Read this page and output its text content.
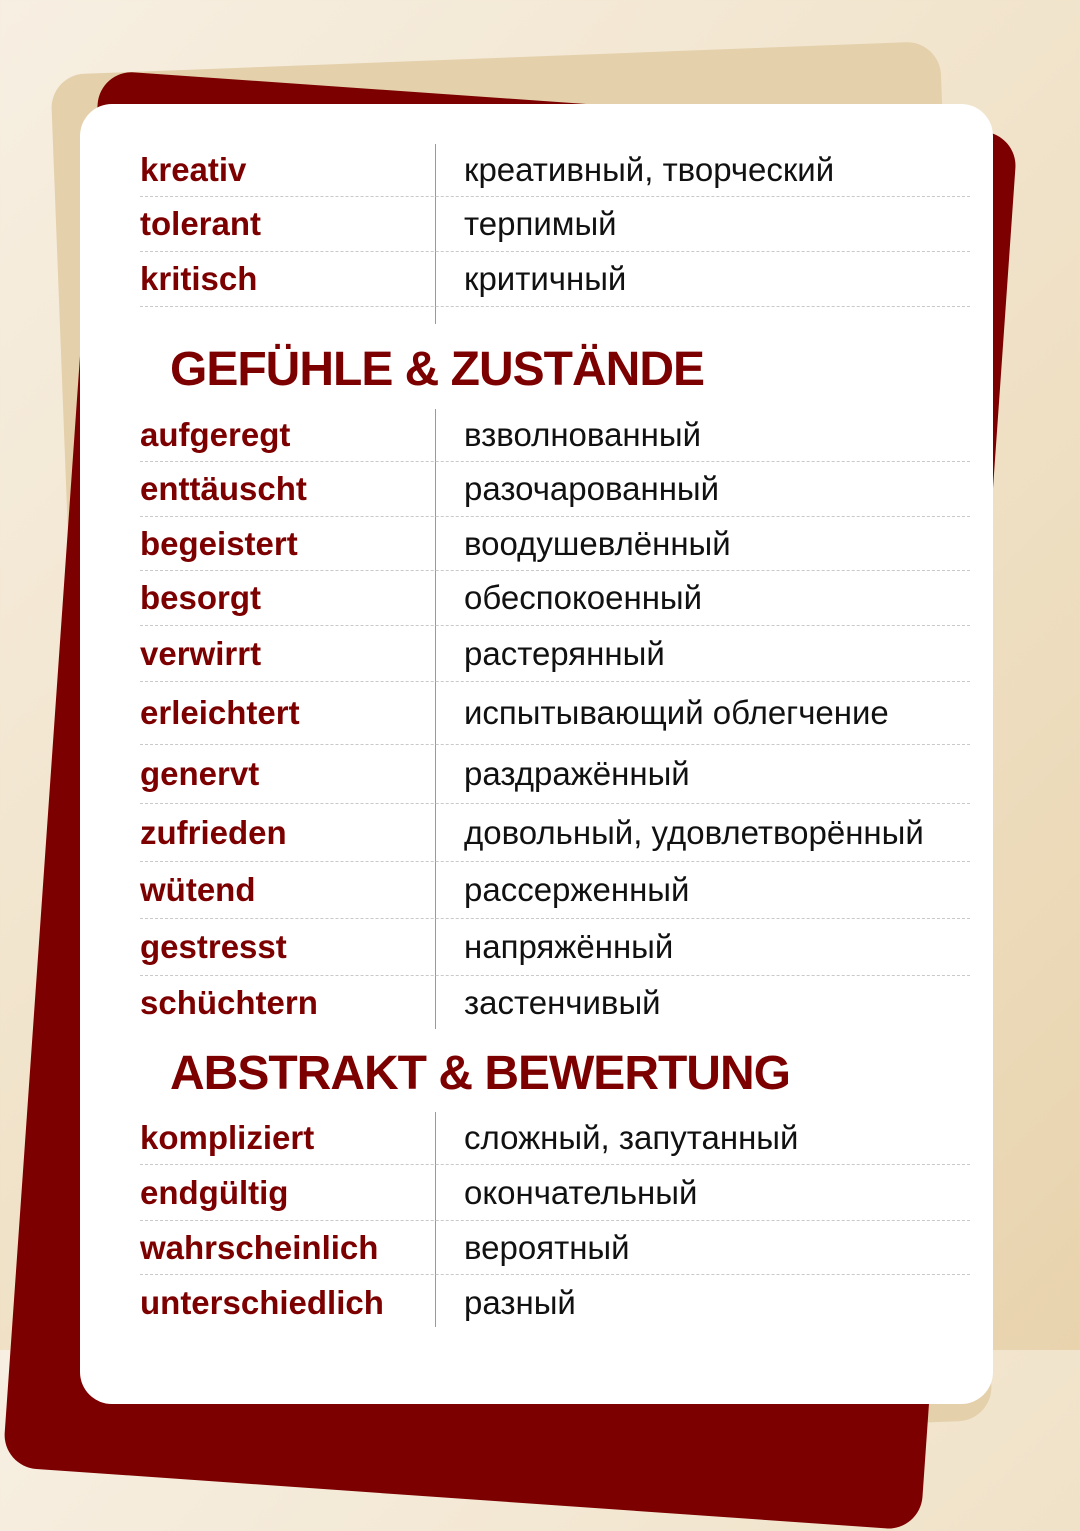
kreativ	креативный, творческий
tolerant	терпимый
kritisch	критичный
GEFÜHLE & ZUSTÄNDE
aufgeregt	взволнованный
enttäuscht	разочарованный
begeistert	воодушевлённый
besorgt	обеспокоенный
verwirrt	растерянный
erleichtert	испытывающий облегчение
genervt	раздражённый
zufrieden	довольный, удовлетворённый
wütend	рассерженный
gestresst	напряжённый
schüchtern	застенчивый
ABSTRAKT & BEWERTUNG
kompliziert	сложный, запутанный
endgültig	окончательный
wahrscheinlich	вероятный
unterschiedlich	разный
